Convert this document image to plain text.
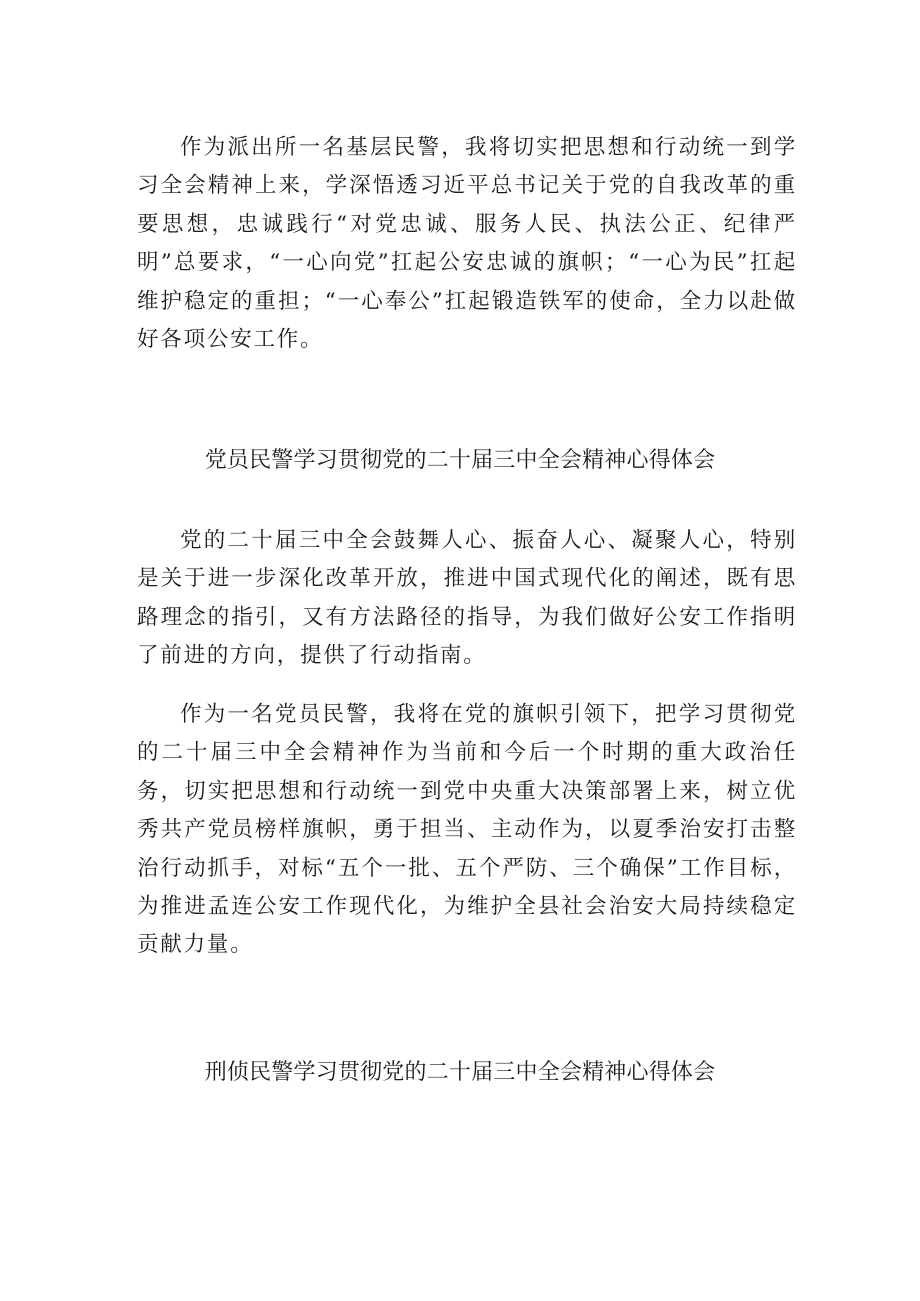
作为派出所一名基层民警，我将切实把思想和行动统一到学习全会精神上来，学深悟透习近平总书记关于党的自我改革的重要思想，忠诚践行“对党忠诚、服务人民、执法公正、纪律严明”总要求，“一心向党”扛起公安忠诚的旗帜；“一心为民”扛起维护稳定的重担；“一心奉公”扛起锻造铁军的使命，全力以赴做好各项公安工作。

党员民警学习贯彻党的二十届三中全会精神心得体会

党的二十届三中全会鼓舞人心、振奋人心、凝聚人心，特别是关于进一步深化改革开放，推进中国式现代化的阐述，既有思路理念的指引，又有方法路径的指导，为我们做好公安工作指明了前进的方向，提供了行动指南。

作为一名党员民警，我将在党的旗帜引领下，把学习贯彻党的二十届三中全会精神作为当前和今后一个时期的重大政治任务，切实把思想和行动统一到党中央重大决策部署上来，树立优秀共产党员榜样旗帜，勇于担当、主动作为，以夏季治安打击整治行动抓手，对标“五个一批、五个严防、三个确保”工作目标，为推进孟连公安工作现代化，为维护全县社会治安大局持续稳定贡献力量。

刑侦民警学习贯彻党的二十届三中全会精神心得体会
